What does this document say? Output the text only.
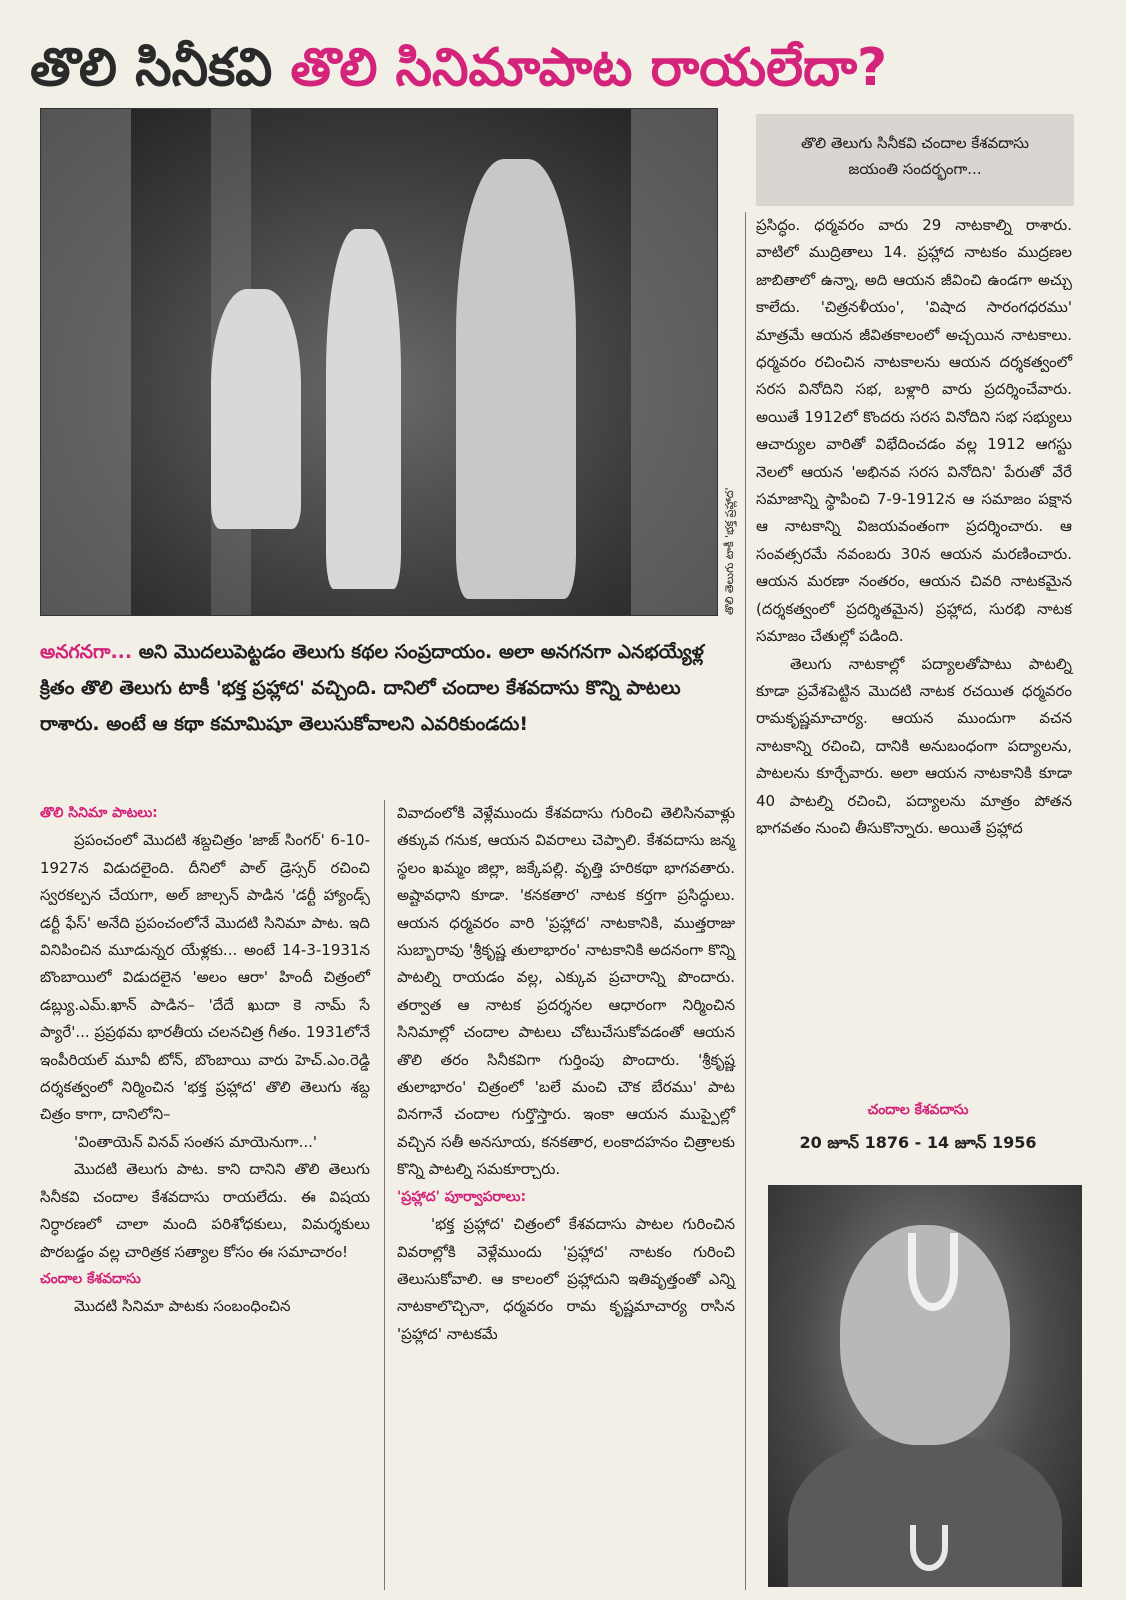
తొలి సినీకవి తొలి సినిమాపాట రాయలేదా?
తొలి తెలుగు టాకీ 'భక్త ప్రహ్లాద'
తొలి తెలుగు సినీకవి చందాల కేశవదాసు
జయంతి సందర్భంగా...
అనగనగా... అని మొదలుపెట్టడం తెలుగు కథల సంప్రదాయం. అలా అనగనగా ఎనభయ్యేళ్ల క్రితం తొలి తెలుగు టాకీ 'భక్త ప్రహ్లాద' వచ్చింది. దానిలో చందాల కేశవదాసు కొన్ని పాటలు రాశారు. అంటే ఆ కథా కమామిషూ తెలుసుకోవాలని ఎవరికుండదు!

తొలి సినిమా పాటలు:

ప్రపంచంలో మొదటి శబ్దచిత్రం 'జాజ్ సింగర్' 6-10-1927న విడుదలైంది. దీనిలో పాల్ డ్రెస్సర్ రచించి స్వరకల్పన చేయగా, అల్ జాల్సన్ పాడిన 'డర్టీ హ్యాండ్స్ డర్టీ ఫేస్' అనేది ప్రపంచంలోనే మొదటి సినిమా పాట. ఇది వినిపించిన మూడున్నర యేళ్లకు... అంటే 14-3-1931న బొంబాయిలో విడుదలైన 'అలం ఆరా' హిందీ చిత్రంలో డబ్ల్యు.ఎమ్.ఖాన్ పాడిన– 'దేదే ఖుదా కె నామ్ సే ప్యారే'... ప్రప్రథమ భారతీయ చలనచిత్ర గీతం. 1931లోనే ఇంపీరియల్ మూవీ టోన్, బొంబాయి వారు హెచ్.ఎం.రెడ్డి దర్శకత్వంలో నిర్మించిన 'భక్త ప్రహ్లాద' తొలి తెలుగు శబ్ద చిత్రం కాగా, దానిలోని–

'వింతాయెన్ వినవ్ సంతస మాయెనుగా...'

మొదటి తెలుగు పాట. కాని దానిని తొలి తెలుగు సినీకవి చందాల కేశవదాసు రాయలేదు. ఈ విషయ నిర్ధారణలో చాలా మంది పరిశోధకులు, విమర్శకులు పొరబడ్డం వల్ల చారిత్రక సత్యాల కోసం ఈ సమాచారం!

చందాల కేశవదాసు

మొదటి సినిమా పాటకు సంబంధించిన

వివాదంలోకి వెళ్లేముందు కేశవదాసు గురించి తెలిసినవాళ్లు తక్కువ గనుక, ఆయన వివరాలు చెప్పాలి. కేశవదాసు జన్మ స్థలం ఖమ్మం జిల్లా, జక్కేపల్లి. వృత్తి హరికథా భాగవతారు. అష్టావధాని కూడా. 'కనకతార' నాటక కర్తగా ప్రసిద్ధులు. ఆయన ధర్మవరం వారి 'ప్రహ్లాద' నాటకానికి, ముత్తరాజు సుబ్బారావు 'శ్రీకృష్ణ తులాభారం' నాటకానికి అదనంగా కొన్ని పాటల్ని రాయడం వల్ల, ఎక్కువ ప్రచారాన్ని పొందారు. తర్వాత ఆ నాటక ప్రదర్శనల ఆధారంగా నిర్మించిన సినిమాల్లో చందాల పాటలు చోటుచేసుకోవడంతో ఆయన తొలి తరం సినీకవిగా గుర్తింపు పొందారు. 'శ్రీకృష్ణ తులాభారం' చిత్రంలో 'బలే మంచి చౌక బేరము' పాట వినగానే చందాల గుర్తొస్తారు. ఇంకా ఆయన ముప్పైల్లో వచ్చిన సతీ అనసూయ, కనకతార, లంకాదహనం చిత్రాలకు కొన్ని పాటల్ని సమకూర్చారు.

'ప్రహ్లాద' పూర్వాపరాలు:

'భక్త ప్రహ్లాద' చిత్రంలో కేశవదాసు పాటల గురించిన వివరాల్లోకి వెళ్లేముందు 'ప్రహ్లాద' నాటకం గురించి తెలుసుకోవాలి. ఆ కాలంలో ప్రహ్లాదుని ఇతివృత్తంతో ఎన్ని నాటకాలొచ్చినా, ధర్మవరం రామ కృష్ణమాచార్య రాసిన 'ప్రహ్లాద' నాటకమే

ప్రసిద్ధం. ధర్మవరం వారు 29 నాటకాల్ని రాశారు. వాటిలో ముద్రితాలు 14. ప్రహ్లాద నాటకం ముద్రణల జాబితాలో ఉన్నా, అది ఆయన జీవించి ఉండగా అచ్చు కాలేదు. 'చిత్రనళీయం', 'విషాద సారంగధరము' మాత్రమే ఆయన జీవితకాలంలో అచ్చయిన నాటకాలు. ధర్మవరం రచించిన నాటకాలను ఆయన దర్శకత్వంలో సరస వినోదిని సభ, బళ్లారి వారు ప్రదర్శించేవారు. అయితే 1912లో కొందరు సరస వినోదిని సభ సభ్యులు ఆచార్యుల వారితో విభేదించడం వల్ల 1912 ఆగస్టు నెలలో ఆయన 'అభినవ సరస వినోదిని' పేరుతో వేరే సమాజాన్ని స్థాపించి 7-9-1912న ఆ సమాజం పక్షాన ఆ నాటకాన్ని విజయవంతంగా ప్రదర్శించారు. ఆ సంవత్సరమే నవంబరు 30న ఆయన మరణించారు. ఆయన మరణా నంతరం, ఆయన చివరి నాటకమైన (దర్శకత్వంలో ప్రదర్శితమైన) ప్రహ్లాద, సురభి నాటక సమాజం చేతుల్లో పడింది.

తెలుగు నాటకాల్లో పద్యాలతోపాటు పాటల్ని కూడా ప్రవేశపెట్టిన మొదటి నాటక రచయిత ధర్మవరం రామకృష్ణమాచార్య. ఆయన ముందుగా వచన నాటకాన్ని రచించి, దానికి అనుబంధంగా పద్యాలను, పాటలను కూర్చేవారు. అలా ఆయన నాటకానికి కూడా 40 పాటల్ని రచించి, పద్యాలను మాత్రం పోతన భాగవతం నుంచి తీసుకొన్నారు. అయితే ప్రహ్లాద

చందాల కేశవదాసు
20 జూన్ 1876 - 14 జూన్ 1956
